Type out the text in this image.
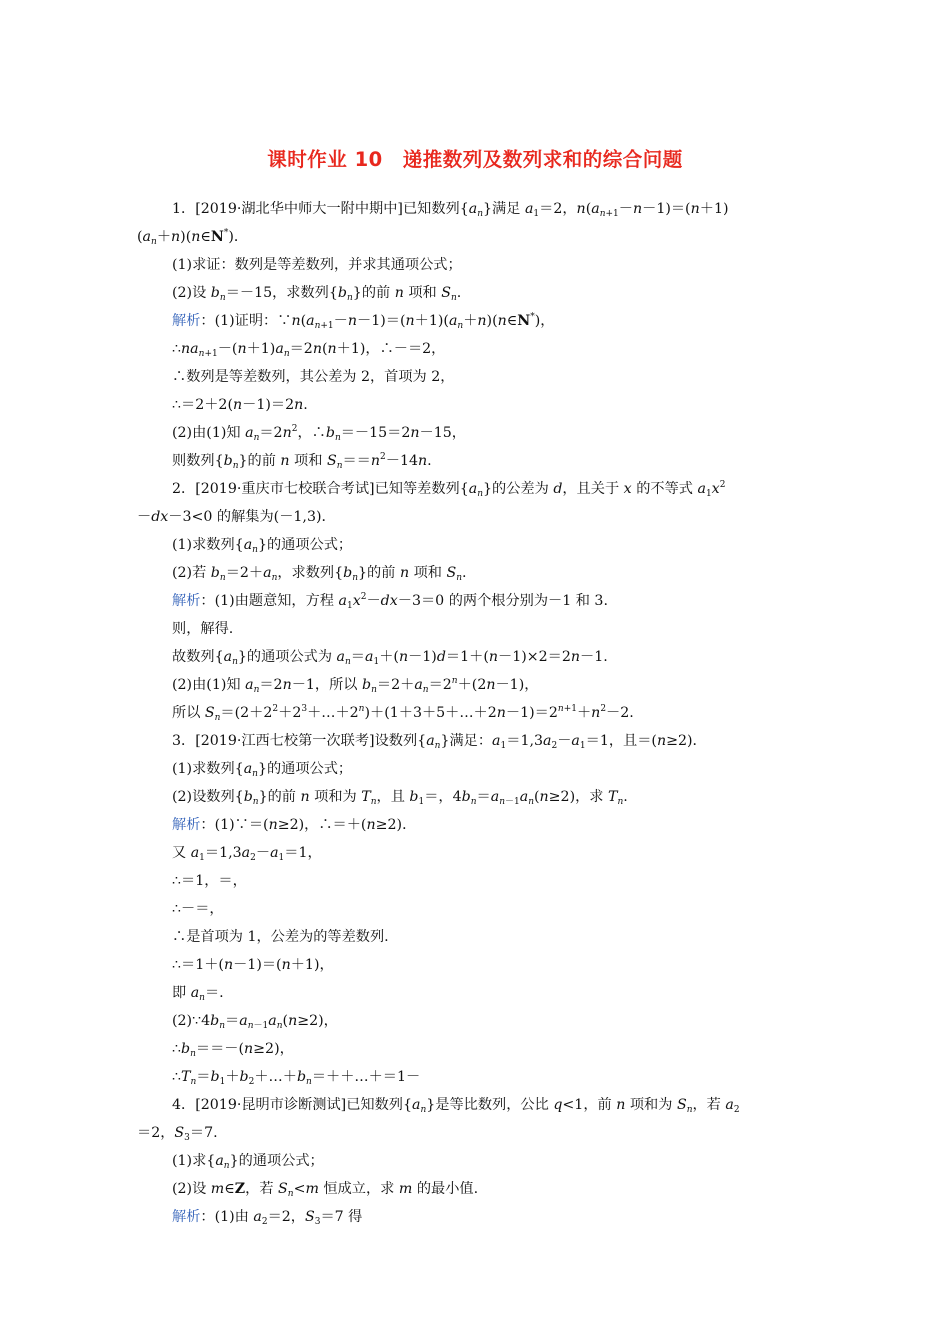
课时作业 10　递推数列及数列求和的综合问题
1．[2019·湖北华中师大一附中期中]已知数列$\{a_n\}$满足 $a_1=2$，$n(a_{n+1}-n-1)=(n+1)$
$(a_n+n)(n\in N^*)$．
(1)求证：数列是等差数列，并求其通项公式；
(2)设 $b_n=-15$，求数列$\{b_n\}$的前 n 项和 $S_n$.
解析：(1)证明：$\because n(a_{n+1}-n-1)=(n+1)(a_n+n)(n\in N^*)$，
$\therefore na_{n+1}-(n+1)a_n=2n(n+1)$，∴－＝2，
∴数列是等差数列，其公差为 2，首项为 2，
∴＝2＋2(n－1)＝2n.
(2)由(1)知 $a_n=2n^2$，$\therefore b_n=-15=2n-15$，
则数列$\{b_n\}$的前 n 项和 $S_n==n^2-14n$.
2．[2019·重庆市七校联合考试]已知等差数列$\{a_n\}$的公差为 d，且关于 x 的不等式 $a_1x^2$
－dx－3<0 的解集为(－1,3)．
(1)求数列$\{a_n\}$的通项公式；
(2)若 $b_n=2+a_n$，求数列$\{b_n\}$的前 n 项和 $S_n$.
解析：(1)由题意知，方程 $a_1x^2-dx-3=0$ 的两个根分别为－1 和 3.
则，解得.
故数列$\{a_n\}$的通项公式为 $a_n=a_1+(n-1)d=1+(n-1)\times 2=2n-1$.
(2)由(1)知 $a_n=2n-1$，所以 $b_n=2+a_n=2^n+(2n-1)$，
所以 $S_n=(2+2^2+2^3+\dots+2^n)+(1+3+5+\dots+2n-1)=2^{n+1}+n^2-2$.
3．[2019·江西七校第一次联考]设数列$\{a_n\}$满足：$a_1=1,3a_2-a_1=1$，且＝(n≥2)．
(1)求数列$\{a_n\}$的通项公式；
(2)设数列$\{b_n\}$的前 n 项和为 $T_n$，且 $b_1=$，$4b_n=a_{n-1}a_n(n\ge 2)$，求 $T_n$.
解析：(1)∵＝(n≥2)，∴＝＋(n≥2)．
又 $a_1=1,3a_2-a_1=1$，
∴＝1，＝，
∴－＝，
∴是首项为 1，公差为的等差数列.
∴＝1＋(n－1)＝(n＋1)，
即 $a_n=$.
$(2)\because 4b_n=a_{n-1}a_n(n\ge 2)$，
$\therefore b_n==-(n\ge 2)$，
$\therefore T_n=b_1+b_2+\dots+b_n=++\dots+=1-$
4．[2019·昆明市诊断测试]已知数列$\{a_n\}$是等比数列，公比 q<1，前 n 项和为 $S_n$，若 $a_2$
＝2，$S_3=7$.
(1)求$\{a_n\}$的通项公式；
(2)设 m∈Z，若 $S_n<m$ 恒成立，求 m 的最小值.
解析：(1)由 $a_2=2$，$S_3=7$ 得
